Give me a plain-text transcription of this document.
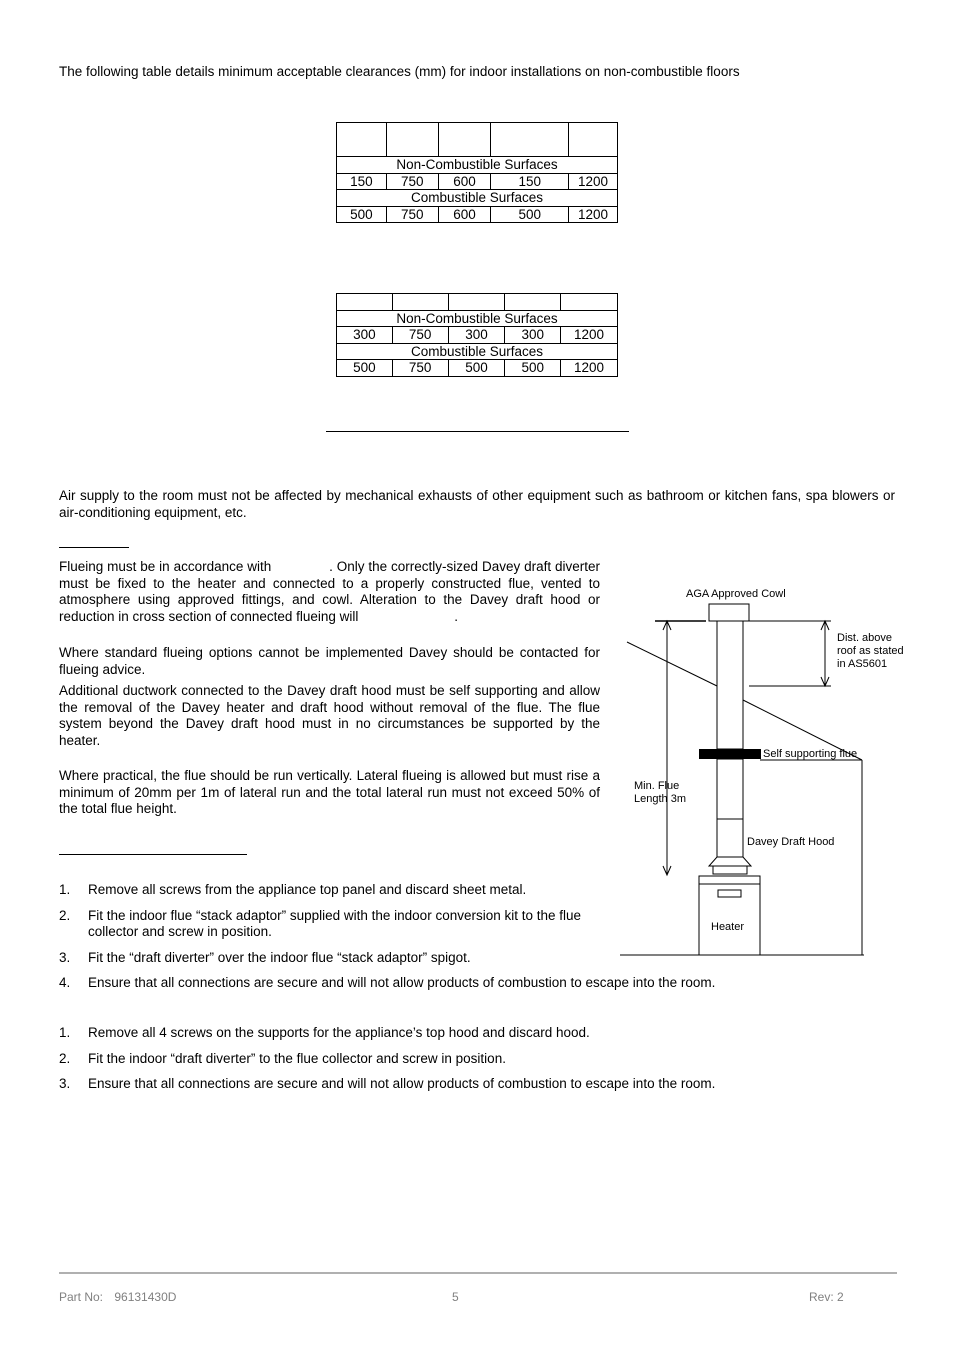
The following table details minimum acceptable clearances (mm) for indoor installations on non-combustible floors

Non-Combustible Surfaces				
150	750	600	150	1200
Combustible Surfaces				
500	750	600	500	1200

Non-Combustible Surfaces				
300	750	300	300	1200
Combustible Surfaces				
500	750	500	500	1200
Air supply to the room must not be affected by mechanical exhausts of other equipment such as bathroom or kitchen fans, spa blowers or air-conditioning equipment, etc.
Flueing must be in accordance with	. Only the correctly-sized Davey draft diverter must be fixed to the heater and connected to a properly constructed flue, vented to atmosphere using approved fittings, and cowl. Alteration to the Davey draft hood or reduction in cross section of connected flueing will	.
Where standard flueing options cannot be implemented Davey should be contacted for flueing advice.
Additional ductwork connected to the Davey draft hood must be self supporting and allow the removal of the Davey heater and draft hood without removal of the flue. The flue system beyond the Davey draft hood must in no circumstances be supported by the heater.
Where practical, the flue should be run vertically. Lateral flueing is allowed but must rise a minimum of 20mm per 1m of lateral run and the total lateral run must not exceed 50% of the total flue height.
1. Remove all screws from the appliance top panel and discard sheet metal.
2. Fit the indoor flue “stack adaptor” supplied with the indoor conversion kit to the flue collector and screw in position.
3. Fit the “draft diverter” over the indoor flue “stack adaptor” spigot.
4. Ensure that all connections are secure and will not allow products of combustion to escape into the room.
1. Remove all 4 screws on the supports for the appliance’s top hood and discard hood.
2. Fit the indoor “draft diverter” to the flue collector and screw in position.
3. Ensure that all connections are secure and will not allow products of combustion to escape into the room.
AGA Approved Cowl
Dist. above
roof as stated
in AS5601
Self supporting flue
Min. Flue
Length 3m
Davey Draft Hood
Heater
Part No: 96131430D	5	Rev: 2
